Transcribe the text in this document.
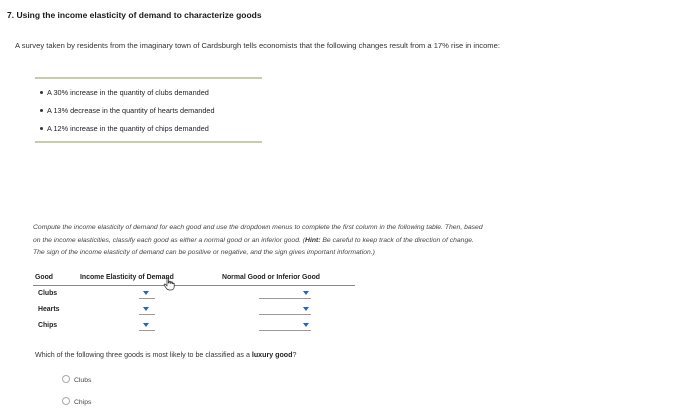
7. Using the income elasticity of demand to characterize goods
A survey taken by residents from the imaginary town of Cardsburgh tells economists that the following changes result from a 17% rise in income:
A 30% increase in the quantity of clubs demanded
A 13% decrease in the quantity of hearts demanded
A 12% increase in the quantity of chips demanded
Compute the income elasticity of demand for each good and use the dropdown menus to complete the first column in the following table. Then, based
on the income elasticities, classify each good as either a normal good or an inferior good. (Hint: Be careful to keep track of the direction of change.
The sign of the income elasticity of demand can be positive or negative, and the sign gives important information.)
Good	Income Elasticity of Demand	Normal Good or Inferior Good
Clubs
Hearts
Chips
Which of the following three goods is most likely to be classified as a luxury good?
Clubs
Chips
